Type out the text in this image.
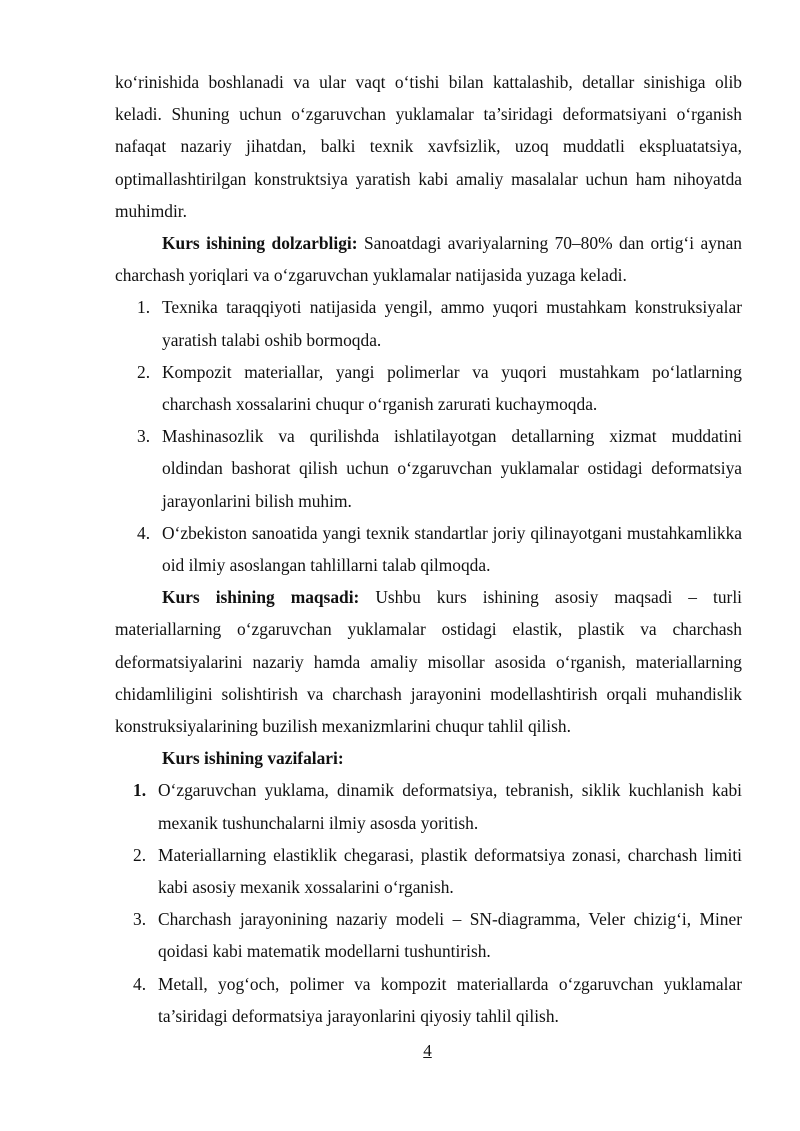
ko‘rinishida boshlanadi va ular vaqt o‘tishi bilan kattalashib, detallar sinishiga olib keladi. Shuning uchun o‘zgaruvchan yuklamalar ta’siridagi deformatsiyani o‘rganish nafaqat nazariy jihatdan, balki texnik xavfsizlik, uzoq muddatli ekspluatatsiya, optimallashtirilgan konstruktsiya yaratish kabi amaliy masalalar uchun ham nihoyatda muhimdir.

Kurs ishining dolzarbligi: Sanoatdagi avariyalarning 70–80% dan ortig‘i aynan charchash yoriqlari va o‘zgaruvchan yuklamalar natijasida yuzaga keladi.

1. Texnika taraqqiyoti natijasida yengil, ammo yuqori mustahkam konstruksiyalar yaratish talabi oshib bormoqda.
2. Kompozit materiallar, yangi polimerlar va yuqori mustahkam po‘latlarning charchash xossalarini chuqur o‘rganish zarurati kuchaymoqda.
3. Mashinasozlik va qurilishda ishlatilayotgan detallarning xizmat muddatini oldindan bashorat qilish uchun o‘zgaruvchan yuklamalar ostidagi deformatsiya jarayonlarini bilish muhim.
4. O‘zbekiston sanoatida yangi texnik standartlar joriy qilinayotgani mustahkamlikka oid ilmiy asoslangan tahlillarni talab qilmoqda.

Kurs ishining maqsadi: Ushbu kurs ishining asosiy maqsadi – turli materiallarning o‘zgaruvchan yuklamalar ostidagi elastik, plastik va charchash deformatsiyalarini nazariy hamda amaliy misollar asosida o‘rganish, materiallarning chidamliligini solishtirish va charchash jarayonini modellashtirish orqali muhandislik konstruksiyalarining buzilish mexanizmlarini chuqur tahlil qilish.

Kurs ishining vazifalari:

1. O‘zgaruvchan yuklama, dinamik deformatsiya, tebranish, siklik kuchlanish kabi mexanik tushunchalarni ilmiy asosda yoritish.
2. Materiallarning elastiklik chegarasi, plastik deformatsiya zonasi, charchash limiti kabi asosiy mexanik xossalarini o‘rganish.
3. Charchash jarayonining nazariy modeli – SN-diagramma, Veler chizig‘i, Miner qoidasi kabi matematik modellarni tushuntirish.
4. Metall, yog‘och, polimer va kompozit materiallarda o‘zgaruvchan yuklamalar ta’siridagi deformatsiya jarayonlarini qiyosiy tahlil qilish.
4
